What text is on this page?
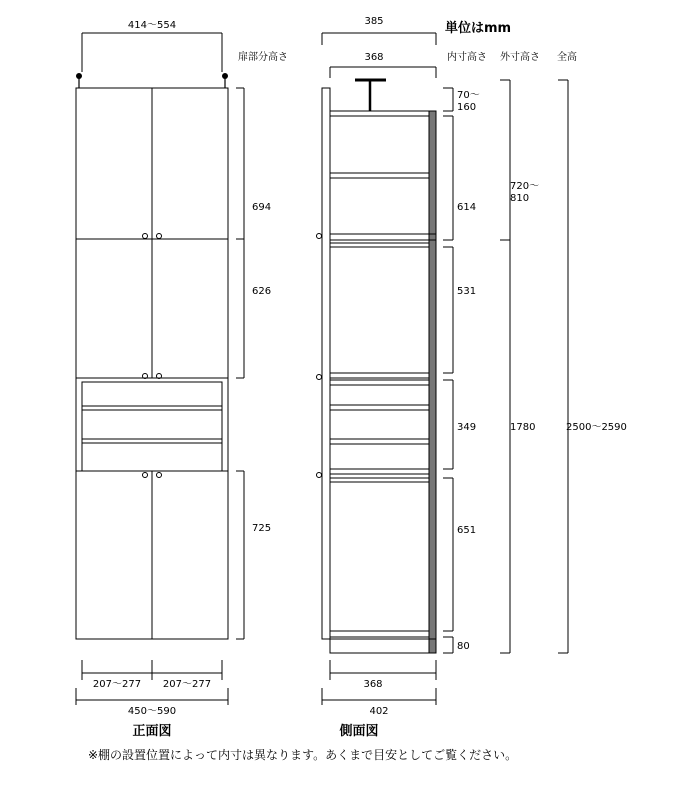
414〜554
扉部分高さ
694
626
725
207〜277 207〜277
450〜590
正面図
385
368
単位はmm
内寸高さ 外寸高さ 全高
70〜
160
614
531
349
651
80
720〜
810
1780	2500〜2590
368
402
側面図
※棚の設置位置によって内寸は異なります。あくまで目安としてご覧ください。
